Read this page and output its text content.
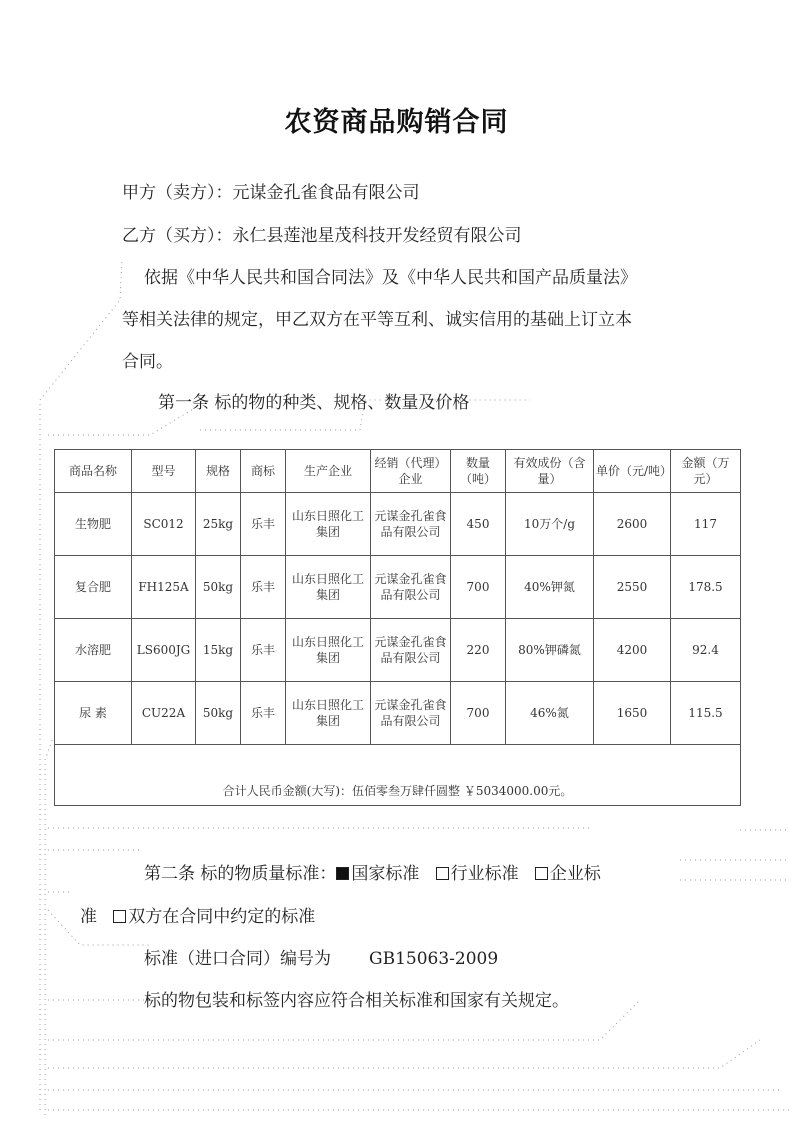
农资商品购销合同
甲方（卖方）：元谋金孔雀食品有限公司
乙方（买方）：永仁县莲池星茂科技开发经贸有限公司
依据《中华人民共和国合同法》及《中华人民共和国产品质量法》
等相关法律的规定，甲乙双方在平等互利、诚实信用的基础上订立本
合同。
第一条 标的物的种类、规格、数量及价格
商品名称	型号	规格	商标	生产企业	经销（代理）企业	数量（吨）	有效成份（含量）	单价（元/吨）	金额（万元）
生物肥	SC012	25kg	乐丰	山东日照化工集团	元谋金孔雀食品有限公司	450	10万个/g	2600	117
复合肥	FH125A	50kg	乐丰	山东日照化工集团	元谋金孔雀食品有限公司	700	40%钾氮	2550	178.5
水溶肥	LS600JG	15kg	乐丰	山东日照化工集团	元谋金孔雀食品有限公司	220	80%钾磷氮	4200	92.4
尿 素	CU22A	50kg	乐丰	山东日照化工集团	元谋金孔雀食品有限公司	700	46%氮	1650	115.5
合计人民币金额(大写)：伍佰零叁万肆仟圆整 ￥5034000.00元。									
第二条 标的物质量标准： 国家标准 行业标准 企业标
准 双方在合同中约定的标准
标准（进口合同）编号为 GB15063-2009
标的物包装和标签内容应符合相关标准和国家有关规定。
